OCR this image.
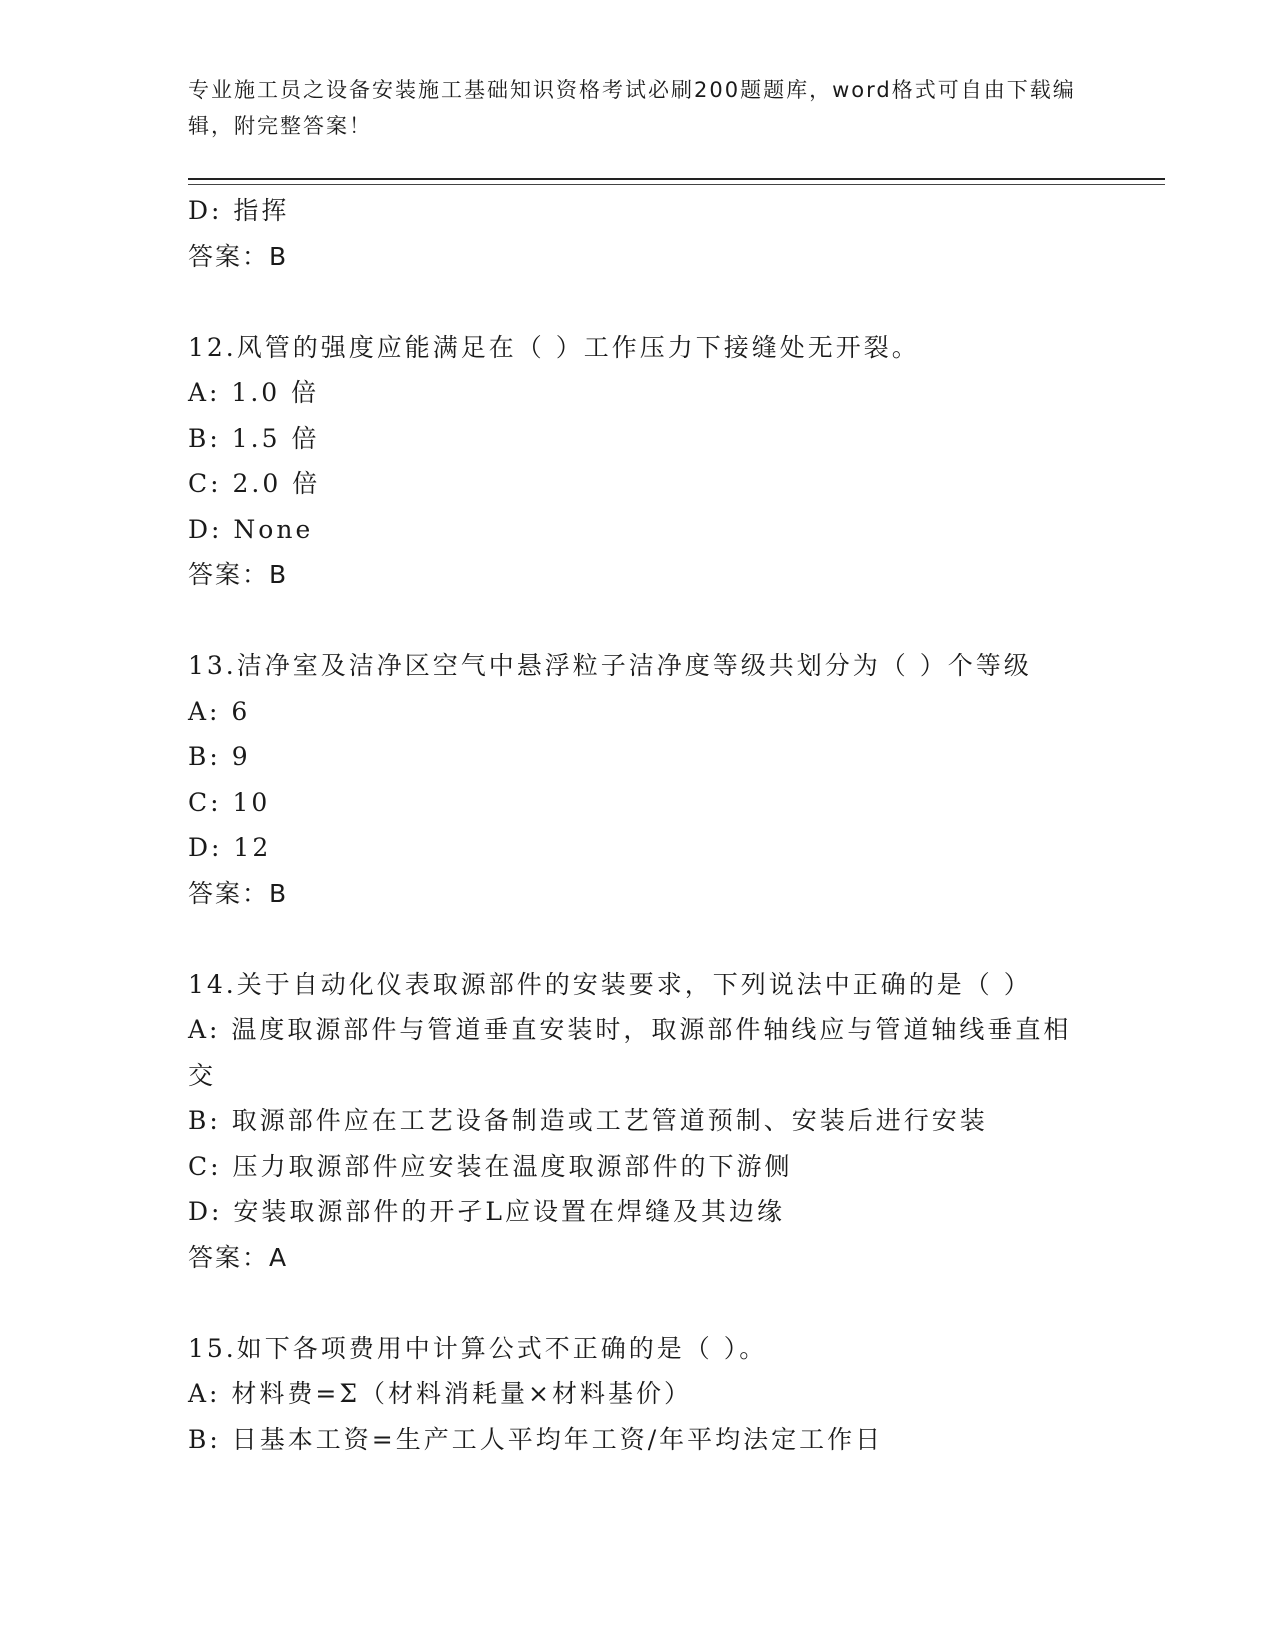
专业施工员之设备安装施工基础知识资格考试必刷200题题库，word格式可自由下载编辑，附完整答案！
D: 指挥
答案：B
12.风管的强度应能满足在（ ）工作压力下接缝处无开裂。
A: 1.0 倍
B: 1.5 倍
C: 2.0 倍
D: None
答案：B
13.洁净室及洁净区空气中悬浮粒子洁净度等级共划分为（ ）个等级
A: 6
B: 9
C: 10
D: 12
答案：B
14.关于自动化仪表取源部件的安装要求，下列说法中正确的是（ ）
A: 温度取源部件与管道垂直安装时，取源部件轴线应与管道轴线垂直相交
B: 取源部件应在工艺设备制造或工艺管道预制、安装后进行安装
C: 压力取源部件应安装在温度取源部件的下游侧
D: 安装取源部件的开孑L应设置在焊缝及其边缘
答案：A
15.如下各项费用中计算公式不正确的是（ ）。
A: 材料费=Σ（材料消耗量×材料基价）
B: 日基本工资=生产工人平均年工资/年平均法定工作日
